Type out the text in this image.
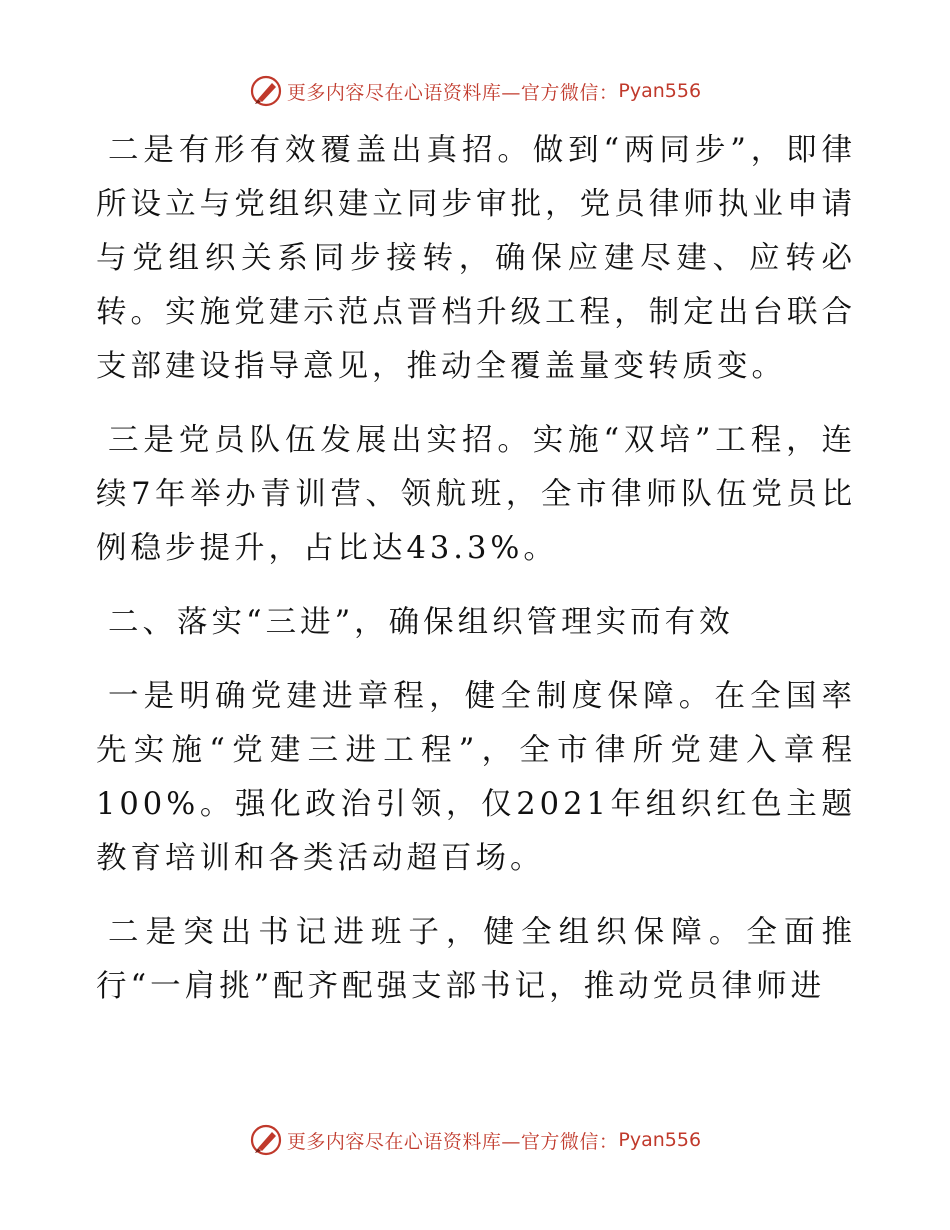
更多内容尽在心语资料库—官方微信： Pyan556

二是有形有效覆盖出真招。做到“两同步”，即律所设立与党组织建立同步审批，党员律师执业申请与党组织关系同步接转，确保应建尽建、应转必转。实施党建示范点晋档升级工程，制定出台联合支部建设指导意见，推动全覆盖量变转质变。

三是党员队伍发展出实招。实施“双培”工程，连续7年举办青训营、领航班，全市律师队伍党员比例稳步提升，占比达43.3%。

二、落实“三进”，确保组织管理实而有效

一是明确党建进章程，健全制度保障。在全国率先实施“党建三进工程”，全市律所党建入章程100%。强化政治引领，仅2021年组织红色主题教育培训和各类活动超百场。

二是突出书记进班子，健全组织保障。全面推行“一肩挑”配齐配强支部书记，推动党员律师进

更多内容尽在心语资料库—官方微信： Pyan556
